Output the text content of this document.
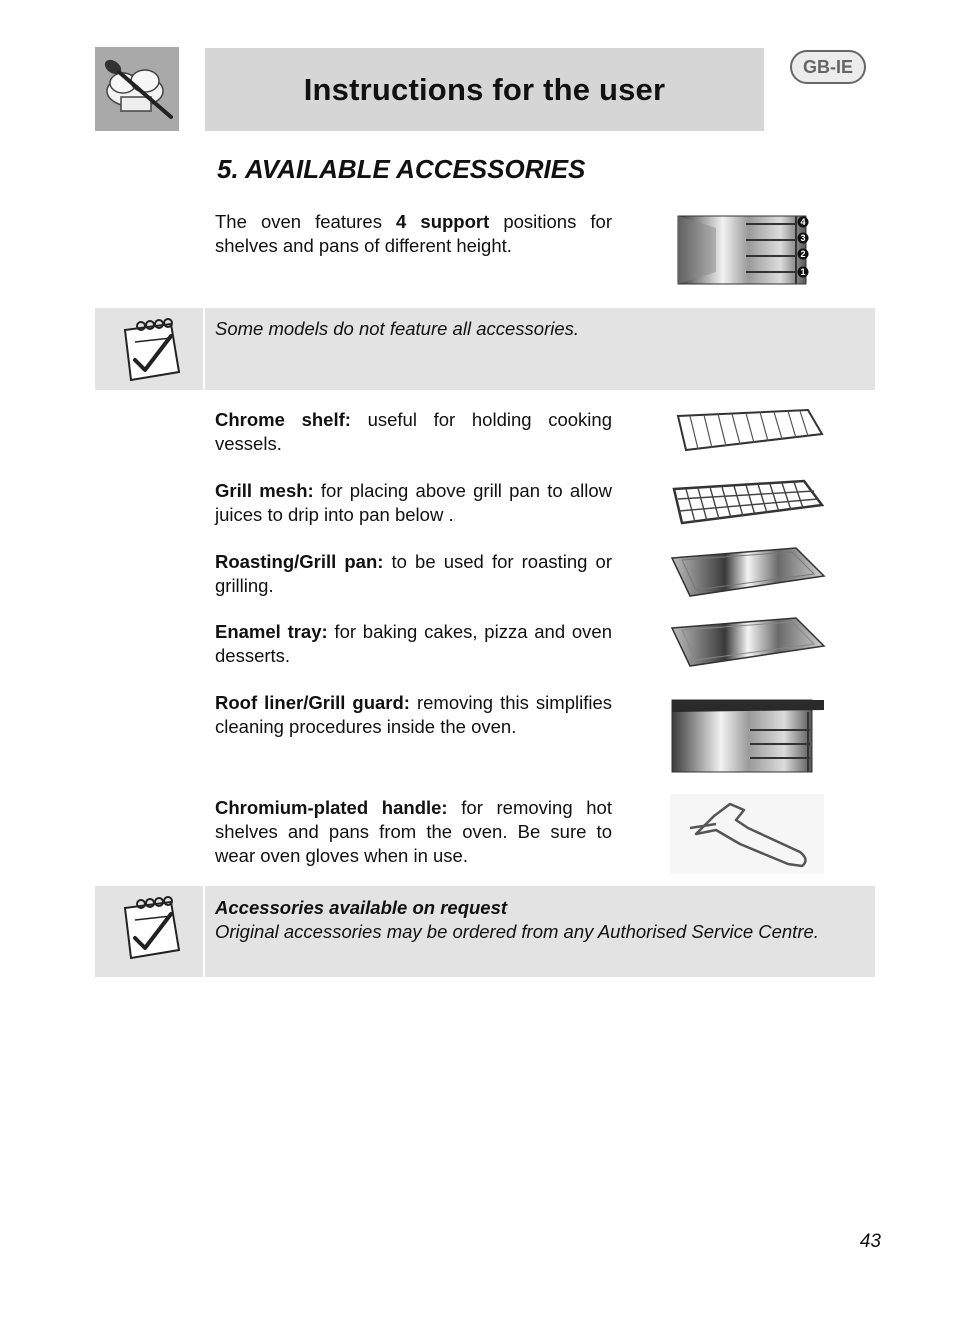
Instructions for the user
GB-IE
5. AVAILABLE ACCESSORIES
The oven features 4 support positions for shelves and pans of different height.
4
3
2
1
Some models do not feature all accessories.
Chrome shelf: useful for holding cooking vessels.
Grill mesh: for placing above grill pan to allow juices to drip into pan below .
Roasting/Grill pan: to be used for roasting or grilling.
Enamel tray: for baking cakes, pizza and oven desserts.
Roof liner/Grill guard: removing this simplifies cleaning procedures inside the oven.
Chromium-plated handle: for removing hot shelves and pans from the oven. Be sure to wear oven gloves when in use.
Accessories available on request
Original accessories may be ordered from any Authorised Service Centre.
43
